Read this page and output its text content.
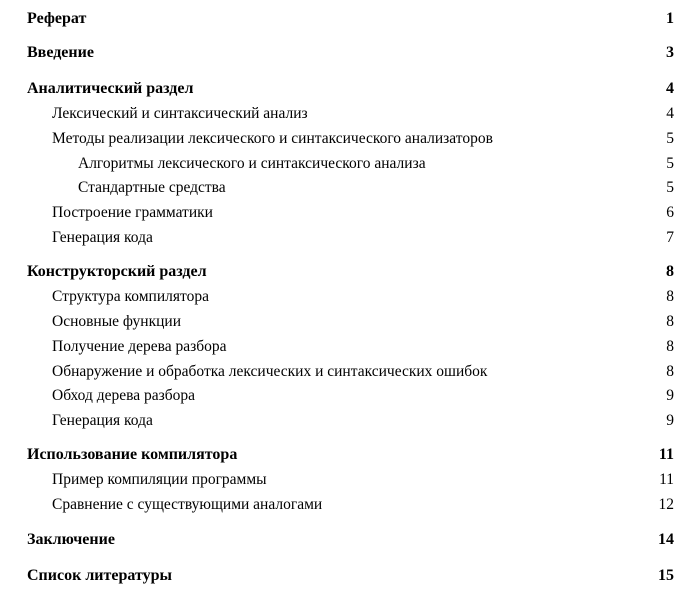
Реферат	1
Введение	3
Аналитический раздел	4
Лексический и синтаксический анализ	4
Методы реализации лексического и синтаксического анализаторов	5
Алгоритмы лексического и синтаксического анализа	5
Стандартные средства	5
Построение грамматики	6
Генерация кода	7
Конструкторский раздел	8
Структура компилятора	8
Основные функции	8
Получение дерева разбора	8
Обнаружение и обработка лексических и синтаксических ошибок	8
Обход дерева разбора	9
Генерация кода	9
Использование компилятора	11
Пример компиляции программы	11
Сравнение с существующими аналогами	12
Заключение	14
Список литературы	15
